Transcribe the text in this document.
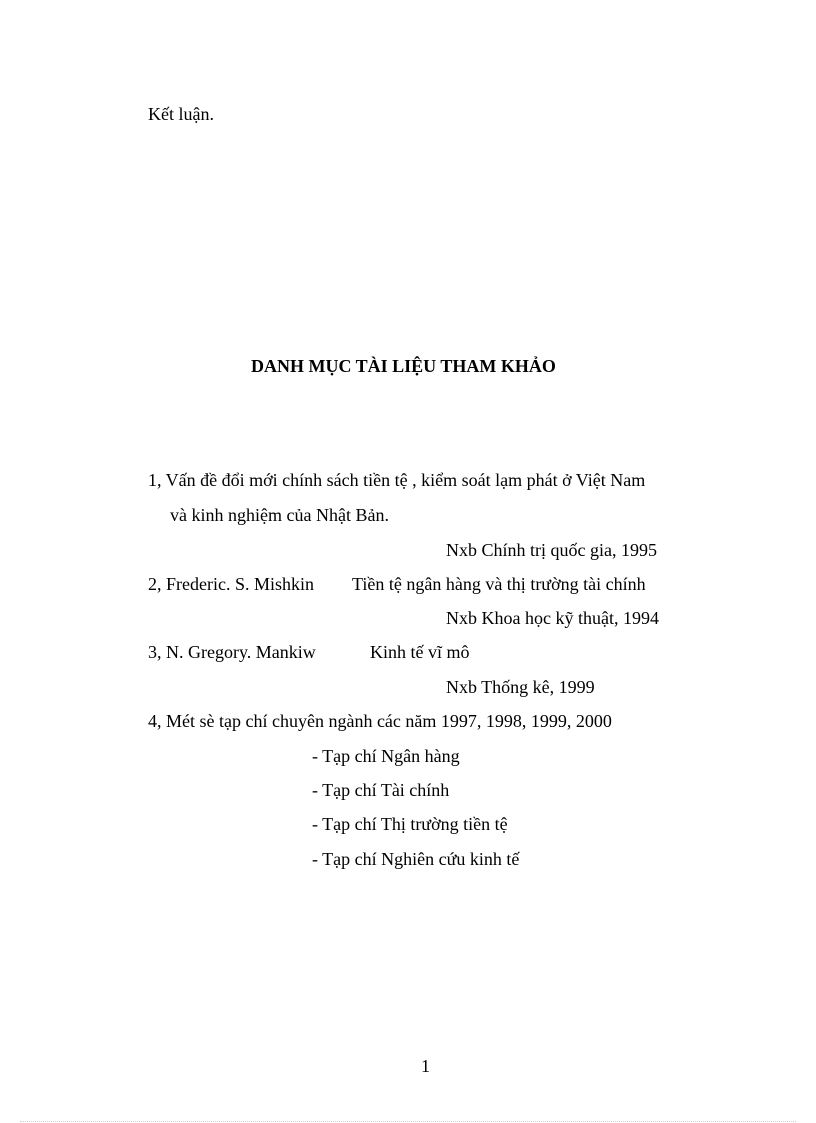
Kết luận.
DANH MỤC TÀI LIỆU THAM KHẢO
1, Vấn đề đổi mới chính sách tiền tệ , kiểm soát lạm phát ở Việt Nam
và kinh nghiệm của Nhật Bản.
Nxb Chính trị quốc gia, 1995
2, Frederic. S. Mishkin Tiền tệ ngân hàng và thị trường tài chính
Nxb Khoa học kỹ thuật, 1994
3, N. Gregory. Mankiw	Kinh tế vĩ mô
Nxb Thống kê, 1999
4, Mét sè tạp chí chuyên ngành các năm 1997, 1998, 1999, 2000
- Tạp chí Ngân hàng
- Tạp chí Tài chính
- Tạp chí Thị trường tiền tệ
- Tạp chí Nghiên cứu kinh tế
1
